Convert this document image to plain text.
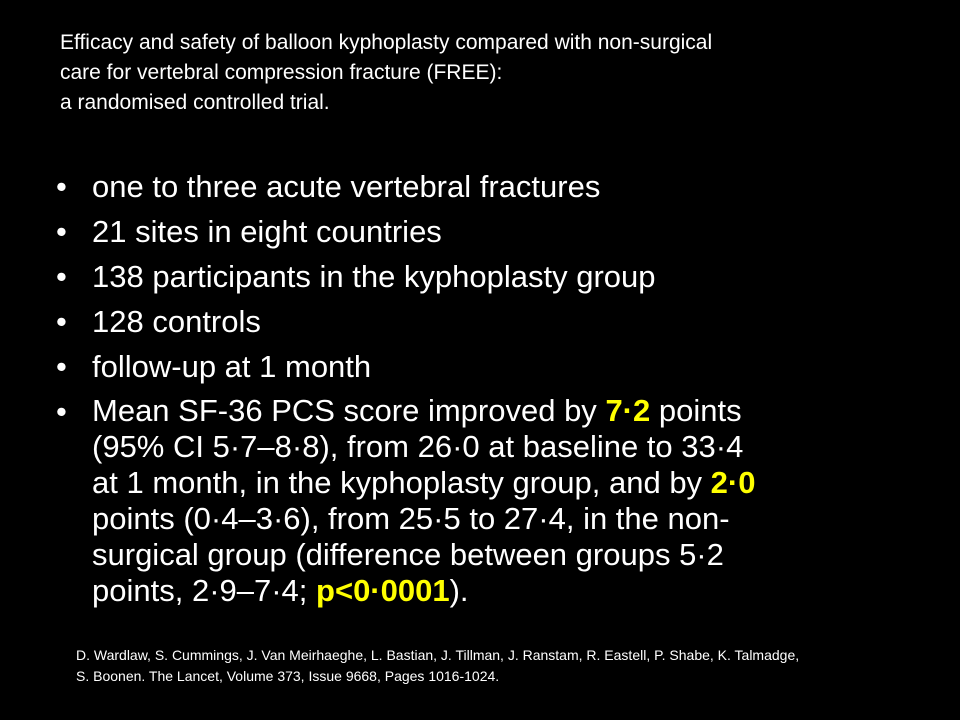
Efficacy and safety of balloon kyphoplasty compared with non-surgical
care for vertebral compression fracture (FREE):
a randomised controlled trial.
• one to three acute vertebral fractures
• 21 sites in eight countries
• 138 participants in the kyphoplasty group
• 128 controls
• follow-up at 1 month
• Mean SF-36 PCS score improved by 7·2 points
(95% CI 5·7–8·8), from 26·0 at baseline to 33·4
at 1 month, in the kyphoplasty group, and by 2·0
points (0·4–3·6), from 25·5 to 27·4, in the non-
surgical group (difference between groups 5·2
points, 2·9–7·4; p<0·0001).
D. Wardlaw, S. Cummings, J. Van Meirhaeghe, L. Bastian, J. Tillman, J. Ranstam, R. Eastell, P. Shabe, K. Talmadge,
S. Boonen. The Lancet, Volume 373, Issue 9668, Pages 1016-1024.
